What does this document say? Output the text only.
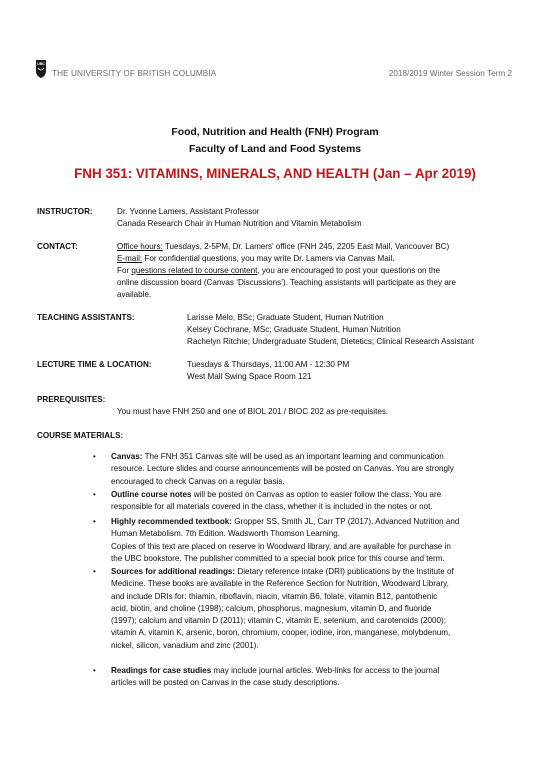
UBC
THE UNIVERSITY OF BRITISH COLUMBIA	2018/2019 Winter Session Term 2
Food, Nutrition and Health (FNH) Program
Faculty of Land and Food Systems
FNH 351: VITAMINS, MINERALS, AND HEALTH (Jan – Apr 2019)
INSTRUCTOR:	Dr. Yvonne Lamers, Assistant Professor
Canada Research Chair in Human Nutrition and Vitamin Metabolism
CONTACT:	Office hours: Tuesdays, 2-5PM, Dr. Lamers’ office (FNH 245, 2205 East Mall, Vancouver BC)
E-mail: For confidential questions, you may write Dr. Lamers via Canvas Mail.
For questions related to course content, you are encouraged to post your questions on the
online discussion board (Canvas ‘Discussions’). Teaching assistants will participate as they are
available.
TEACHING ASSISTANTS:	Larisse Melo, BSc; Graduate Student, Human Nutrition
Kelsey Cochrane, MSc; Graduate Student, Human Nutrition
Rachelyn Ritchie; Undergraduate Student, Dietetics; Clinical Research Assistant
LECTURE TIME & LOCATION:	Tuesdays & Thursdays, 11:00 AM - 12:30 PM
West Mall Swing Space Room 121
PREREQUISITES:
You must have FNH 250 and one of BIOL 201 / BIOC 202 as pre-requisites.
COURSE MATERIALS:
• Canvas: The FNH 351 Canvas site will be used as an important learning and communication
resource. Lecture slides and course announcements will be posted on Canvas. You are strongly
encouraged to check Canvas on a regular basis.
• Outline course notes will be posted on Canvas as option to easier follow the class. You are
responsible for all materials covered in the class, whether it is included in the notes or not.
• Highly recommended textbook: Gropper SS, Smith JL, Carr TP (2017). Advanced Nutrition and
Human Metabolism. 7th Edition. Wadsworth Thomson Learning.
Copies of this text are placed on reserve in Woodward library, and are available for purchase in
the UBC bookstore. The publisher committed to a special book price for this course and term.
• Sources for additional readings: Dietary reference intake (DRI) publications by the Institute of
Medicine. These books are available in the Reference Section for Nutrition, Woodward Library,
and include DRIs for: thiamin, riboflavin, niacin, vitamin B6, folate, vitamin B12, pantothenic
acid, biotin, and choline (1998); calcium, phosphorus, magnesium, vitamin D, and fluoride
(1997); calcium and vitamin D (2011); vitamin C, vitamin E, selenium, and carotenoids (2000);
vitamin A, vitamin K, arsenic, boron, chromium, cooper, iodine, iron, manganese, molybdenum,
nickel, silicon, vanadium and zinc (2001).
• Readings for case studies may include journal articles. Web-links for access to the journal
articles will be posted on Canvas in the case study descriptions.
